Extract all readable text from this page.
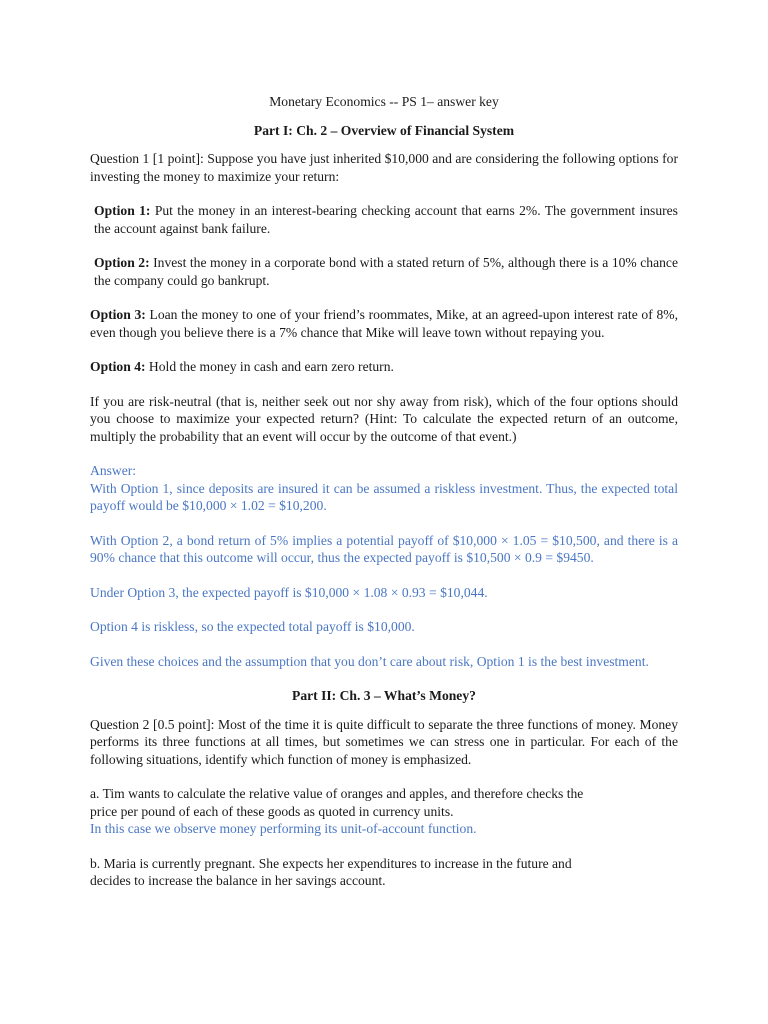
Monetary Economics -- PS 1– answer key
Part I: Ch. 2 – Overview of Financial System

Question 1 [1 point]: Suppose you have just inherited $10,000 and are considering the following options for investing the money to maximize your return:

Option 1: Put the money in an interest-bearing checking account that earns 2%. The government insures the account against bank failure.

Option 2: Invest the money in a corporate bond with a stated return of 5%, although there is a 10% chance the company could go bankrupt.

Option 3: Loan the money to one of your friend’s roommates, Mike, at an agreed-upon interest rate of 8%, even though you believe there is a 7% chance that Mike will leave town without repaying you.

Option 4: Hold the money in cash and earn zero return.

If you are risk-neutral (that is, neither seek out nor shy away from risk), which of the four options should you choose to maximize your expected return? (Hint: To calculate the expected return of an outcome, multiply the probability that an event will occur by the outcome of that event.)

Answer:

With Option 1, since deposits are insured it can be assumed a riskless investment. Thus, the expected total payoff would be $10,000 × 1.02 = $10,200.

With Option 2, a bond return of 5% implies a potential payoff of $10,000 × 1.05 = $10,500, and there is a 90% chance that this outcome will occur, thus the expected payoff is $10,500 × 0.9 = $9450.

Under Option 3, the expected payoff is $10,000 × 1.08 × 0.93 = $10,044.

Option 4 is riskless, so the expected total payoff is $10,000.

Given these choices and the assumption that you don’t care about risk, Option 1 is the best investment.

Part II: Ch. 3 – What’s Money?

Question 2 [0.5 point]: Most of the time it is quite difficult to separate the three functions of money. Money performs its three functions at all times, but sometimes we can stress one in particular. For each of the following situations, identify which function of money is emphasized.

a. Tim wants to calculate the relative value of oranges and apples, and therefore checks the
price per pound of each of these goods as quoted in currency units.

In this case we observe money performing its unit-of-account function.

b. Maria is currently pregnant. She expects her expenditures to increase in the future and
decides to increase the balance in her savings account.
